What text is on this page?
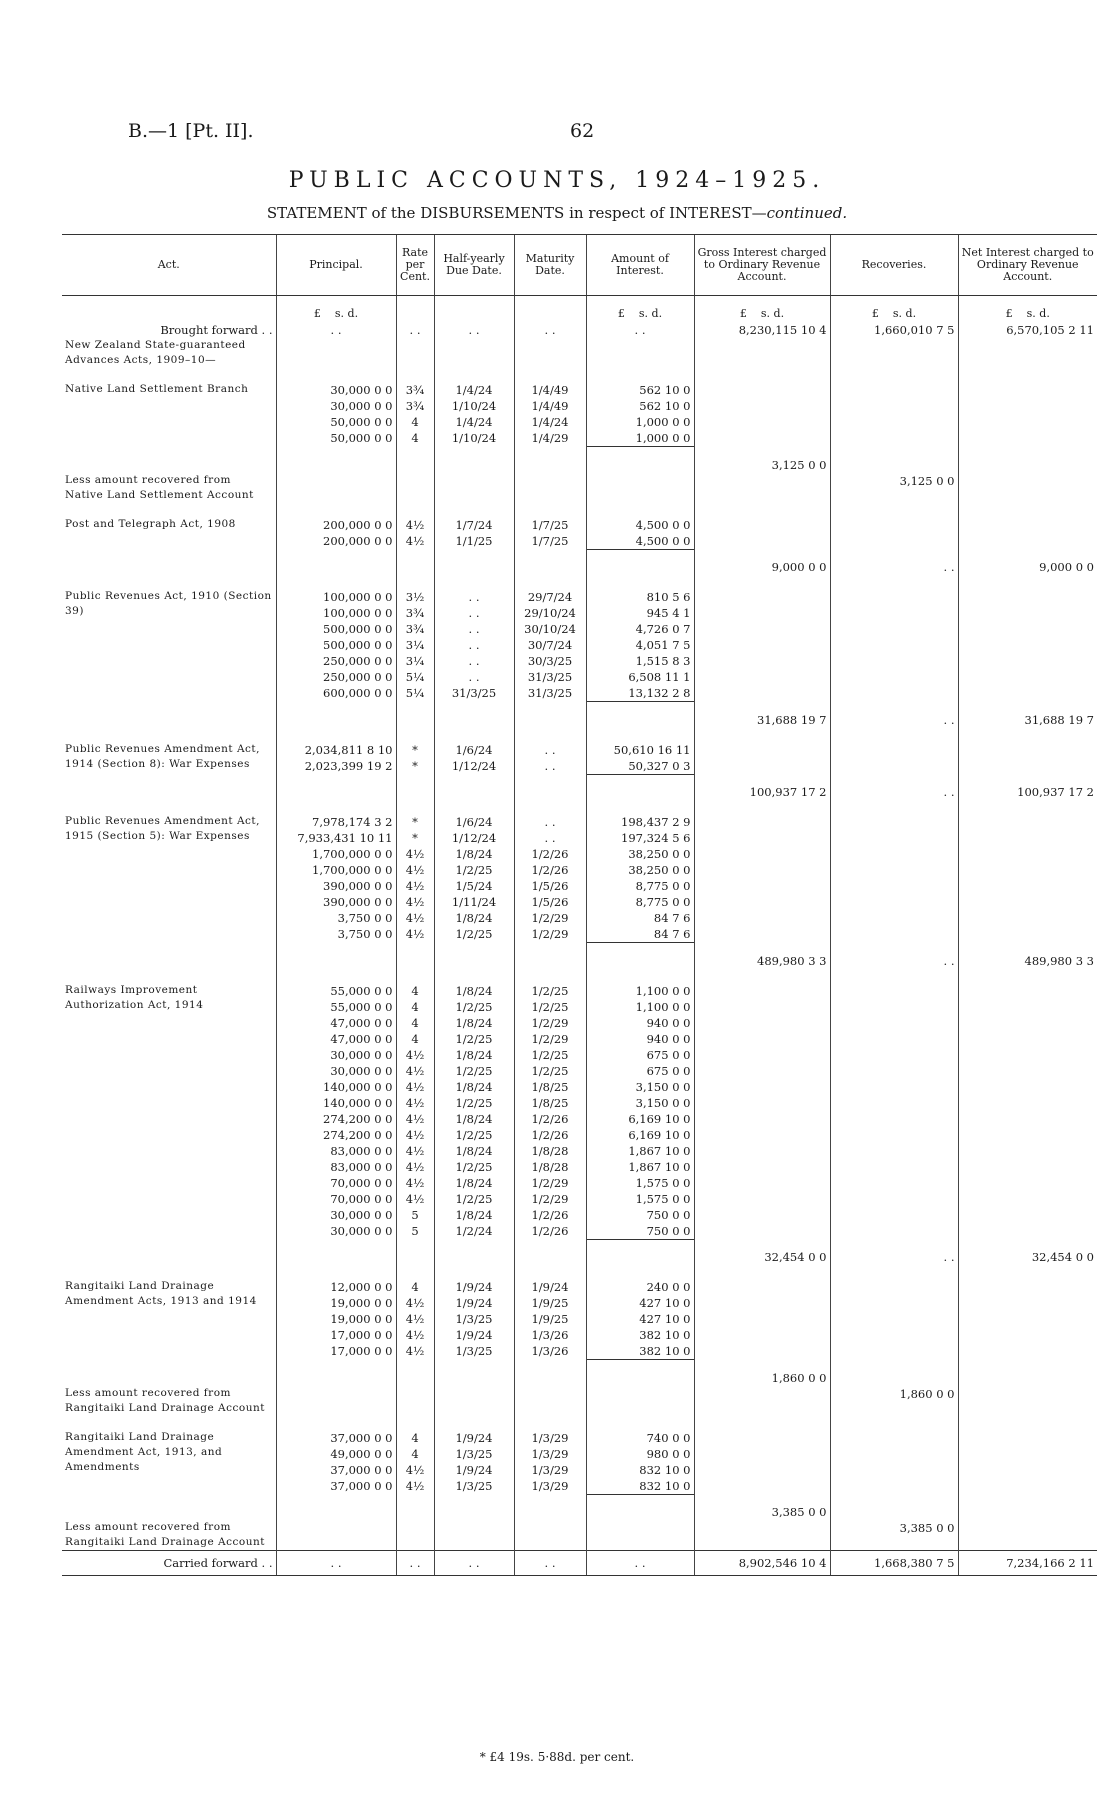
B.—1 [Pt. II].	62
PUBLIC ACCOUNTS, 1924–1925.
STATEMENT of the DISBURSEMENTS in respect of INTEREST—continued.
Act.	Principal.	Rate per Cent.	Half-yearly Due Date.	Maturity Date.	Amount of Interest.	Gross Interest charged to Ordinary Revenue Account.	Recoveries.	Net Interest charged to Ordinary Revenue Account.
	£ s. d.				£ s. d.	£ s. d.	£ s. d.	£ s. d.
Brought forward . .	. .	. .	. .	. .	. .	8,230,115 10 4	1,660,010 7 5	6,570,105 2 11
New Zealand State-guaranteed Advances Acts, 1909–10—								

Native Land Settlement Branch	30,000 0 0	3¾	1/4/24	1/4/49	562 10 0			
	30,000 0 0	3¾	1/10/24	1/4/49	562 10 0			
	50,000 0 0	4	1/4/24	1/4/24	1,000 0 0			
	50,000 0 0	4	1/10/24	1/4/29	1,000 0 0			
						3,125 0 0		
Less amount recovered from Native Land Settlement Account							3,125 0 0	

Post and Telegraph Act, 1908	200,000 0 0	4½	1/7/24	1/7/25	4,500 0 0			
	200,000 0 0	4½	1/1/25	1/7/25	4,500 0 0			
						9,000 0 0	. .	9,000 0 0

Public Revenues Act, 1910 (Section 39)	100,000 0 0	3½	. .	29/7/24	810 5 6			
	100,000 0 0	3¾	. .	29/10/24	945 4 1			
	500,000 0 0	3¾	. .	30/10/24	4,726 0 7			
	500,000 0 0	3¼	. .	30/7/24	4,051 7 5			
	250,000 0 0	3¼	. .	30/3/25	1,515 8 3			
	250,000 0 0	5¼	. .	31/3/25	6,508 11 1			
	600,000 0 0	5¼	31/3/25	31/3/25	13,132 2 8			
						31,688 19 7	. .	31,688 19 7

Public Revenues Amendment Act, 1914 (Section 8): War Expenses	2,034,811 8 10	*	1/6/24	. .	50,610 16 11			
	2,023,399 19 2	*	1/12/24	. .	50,327 0 3			
						100,937 17 2	. .	100,937 17 2

Public Revenues Amendment Act, 1915 (Section 5): War Expenses	7,978,174 3 2	*	1/6/24	. .	198,437 2 9			
	7,933,431 10 11	*	1/12/24	. .	197,324 5 6			
	1,700,000 0 0	4½	1/8/24	1/2/26	38,250 0 0			
	1,700,000 0 0	4½	1/2/25	1/2/26	38,250 0 0			
	390,000 0 0	4½	1/5/24	1/5/26	8,775 0 0			
	390,000 0 0	4½	1/11/24	1/5/26	8,775 0 0			
	3,750 0 0	4½	1/8/24	1/2/29	84 7 6			
	3,750 0 0	4½	1/2/25	1/2/29	84 7 6			
						489,980 3 3	. .	489,980 3 3

Railways Improvement Authorization Act, 1914	55,000 0 0	4	1/8/24	1/2/25	1,100 0 0			
	55,000 0 0	4	1/2/25	1/2/25	1,100 0 0			
	47,000 0 0	4	1/8/24	1/2/29	940 0 0			
	47,000 0 0	4	1/2/25	1/2/29	940 0 0			
	30,000 0 0	4½	1/8/24	1/2/25	675 0 0			
	30,000 0 0	4½	1/2/25	1/2/25	675 0 0			
	140,000 0 0	4½	1/8/24	1/8/25	3,150 0 0			
	140,000 0 0	4½	1/2/25	1/8/25	3,150 0 0			
	274,200 0 0	4½	1/8/24	1/2/26	6,169 10 0			
	274,200 0 0	4½	1/2/25	1/2/26	6,169 10 0			
	83,000 0 0	4½	1/8/24	1/8/28	1,867 10 0			
	83,000 0 0	4½	1/2/25	1/8/28	1,867 10 0			
	70,000 0 0	4½	1/8/24	1/2/29	1,575 0 0			
	70,000 0 0	4½	1/2/25	1/2/29	1,575 0 0			
	30,000 0 0	5	1/8/24	1/2/26	750 0 0			
	30,000 0 0	5	1/2/24	1/2/26	750 0 0			
						32,454 0 0	. .	32,454 0 0

Rangitaiki Land Drainage Amendment Acts, 1913 and 1914	12,000 0 0	4	1/9/24	1/9/24	240 0 0			
	19,000 0 0	4½	1/9/24	1/9/25	427 10 0			
	19,000 0 0	4½	1/3/25	1/9/25	427 10 0			
	17,000 0 0	4½	1/9/24	1/3/26	382 10 0			
	17,000 0 0	4½	1/3/25	1/3/26	382 10 0			
						1,860 0 0		
Less amount recovered from Rangitaiki Land Drainage Account							1,860 0 0	

Rangitaiki Land Drainage Amendment Act, 1913, and Amendments	37,000 0 0	4	1/9/24	1/3/29	740 0 0			
	49,000 0 0	4	1/3/25	1/3/29	980 0 0			
	37,000 0 0	4½	1/9/24	1/3/29	832 10 0			
	37,000 0 0	4½	1/3/25	1/3/29	832 10 0			
						3,385 0 0		
Less amount recovered from Rangitaiki Land Drainage Account							3,385 0 0	
Carried forward . .	. .	. .	. .	. .	. .	8,902,546 10 4	1,668,380 7 5	7,234,166 2 11
* £4 19s. 5·88d. per cent.
